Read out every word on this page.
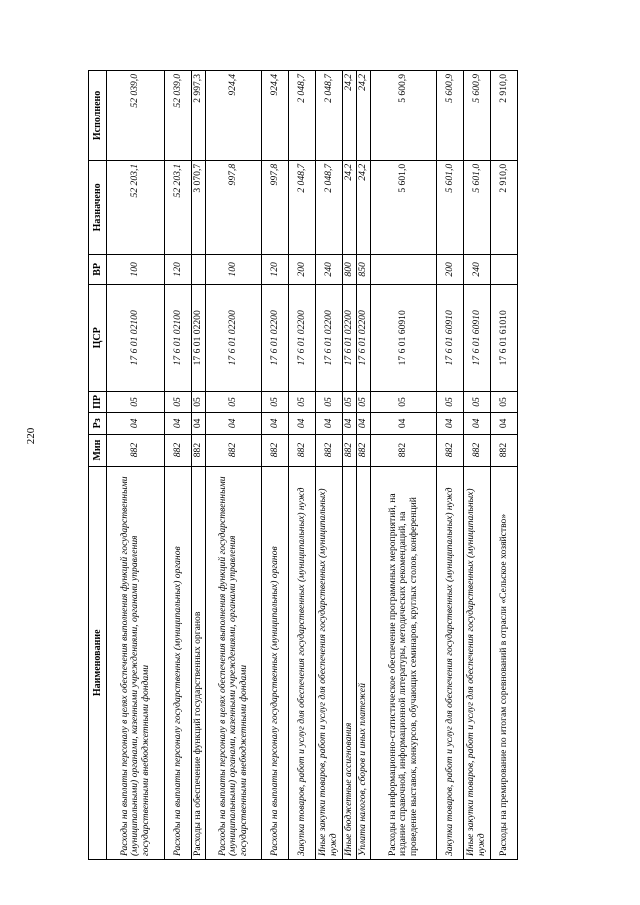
220
Наименование	Мин	Рз	ПР	ЦСР	ВР	Назначено	Исполнено
Расходы на выплаты персоналу в целях обеспечения выполнения функций государственными (муниципальными) органами, казенными учреждениями, органами управления государственными внебюджетными фондами	882	04	05	17 6 01 02100	100	52 203,1	52 039,0
Расходы на выплаты персоналу государственных (муниципальных) органов	882	04	05	17 6 01 02100	120	52 203,1	52 039,0
Расходы на обеспечение функций государственных органов	882	04	05	17 6 01 02200		3 070,7	2 997,3
Расходы на выплаты персоналу в целях обеспечения выполнения функций государственными (муниципальными) органами, казенными учреждениями, органами управления государственными внебюджетными фондами	882	04	05	17 6 01 02200	100	997,8	924,4
Расходы на выплаты персоналу государственных (муниципальных) органов	882	04	05	17 6 01 02200	120	997,8	924,4
Закупка товаров, работ и услуг для обеспечения государственных (муниципальных) нужд	882	04	05	17 6 01 02200	200	2 048,7	2 048,7
Иные закупки товаров, работ и услуг для обеспечения государственных (муниципальных) нужд	882	04	05	17 6 01 02200	240	2 048,7	2 048,7
Иные бюджетные ассигнования	882	04	05	17 6 01 02200	800	24,2	24,2
Уплата налогов, сборов и иных платежей	882	04	05	17 6 01 02200	850	24,2	24,2
Расходы на информационно-статистическое обеспечение программных мероприятий, на издание справочной, информационной литературы, методических рекомендаций, на проведение выставок, конкурсов, обучающих семинаров, круглых столов, конференций	882	04	05	17 6 01 60910		5 601,0	5 600,9
Закупка товаров, работ и услуг для обеспечения государственных (муниципальных) нужд	882	04	05	17 6 01 60910	200	5 601,0	5 600,9
Иные закупки товаров, работ и услуг для обеспечения государственных (муниципальных) нужд	882	04	05	17 6 01 60910	240	5 601,0	5 600,9
Расходы на премирование по итогам соревнований в отрасли «Сельское хозяйство»	882	04	05	17 6 01 61010		2 910,0	2 910,0
